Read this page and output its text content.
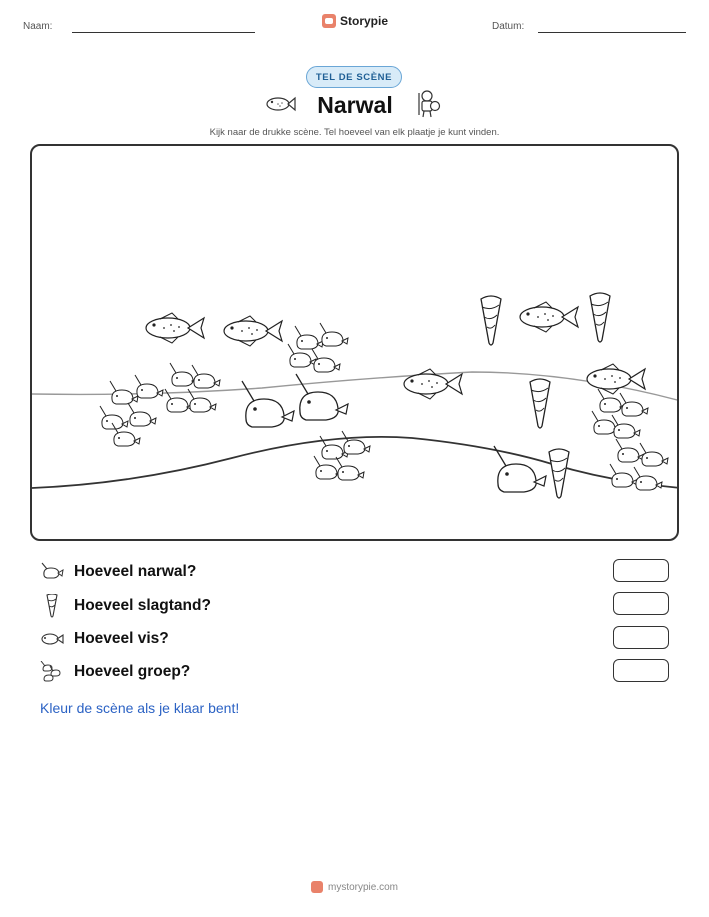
Naam:	Storypie	Datum:
TEL DE SCÈNE
Narwal
Kijk naar de drukke scène. Tel hoeveel van elk plaatje je kunt vinden.
Hoeveel narwal?
Hoeveel slagtand?
Hoeveel vis?
Hoeveel groep?
Kleur de scène als je klaar bent!
mystorypie.com
